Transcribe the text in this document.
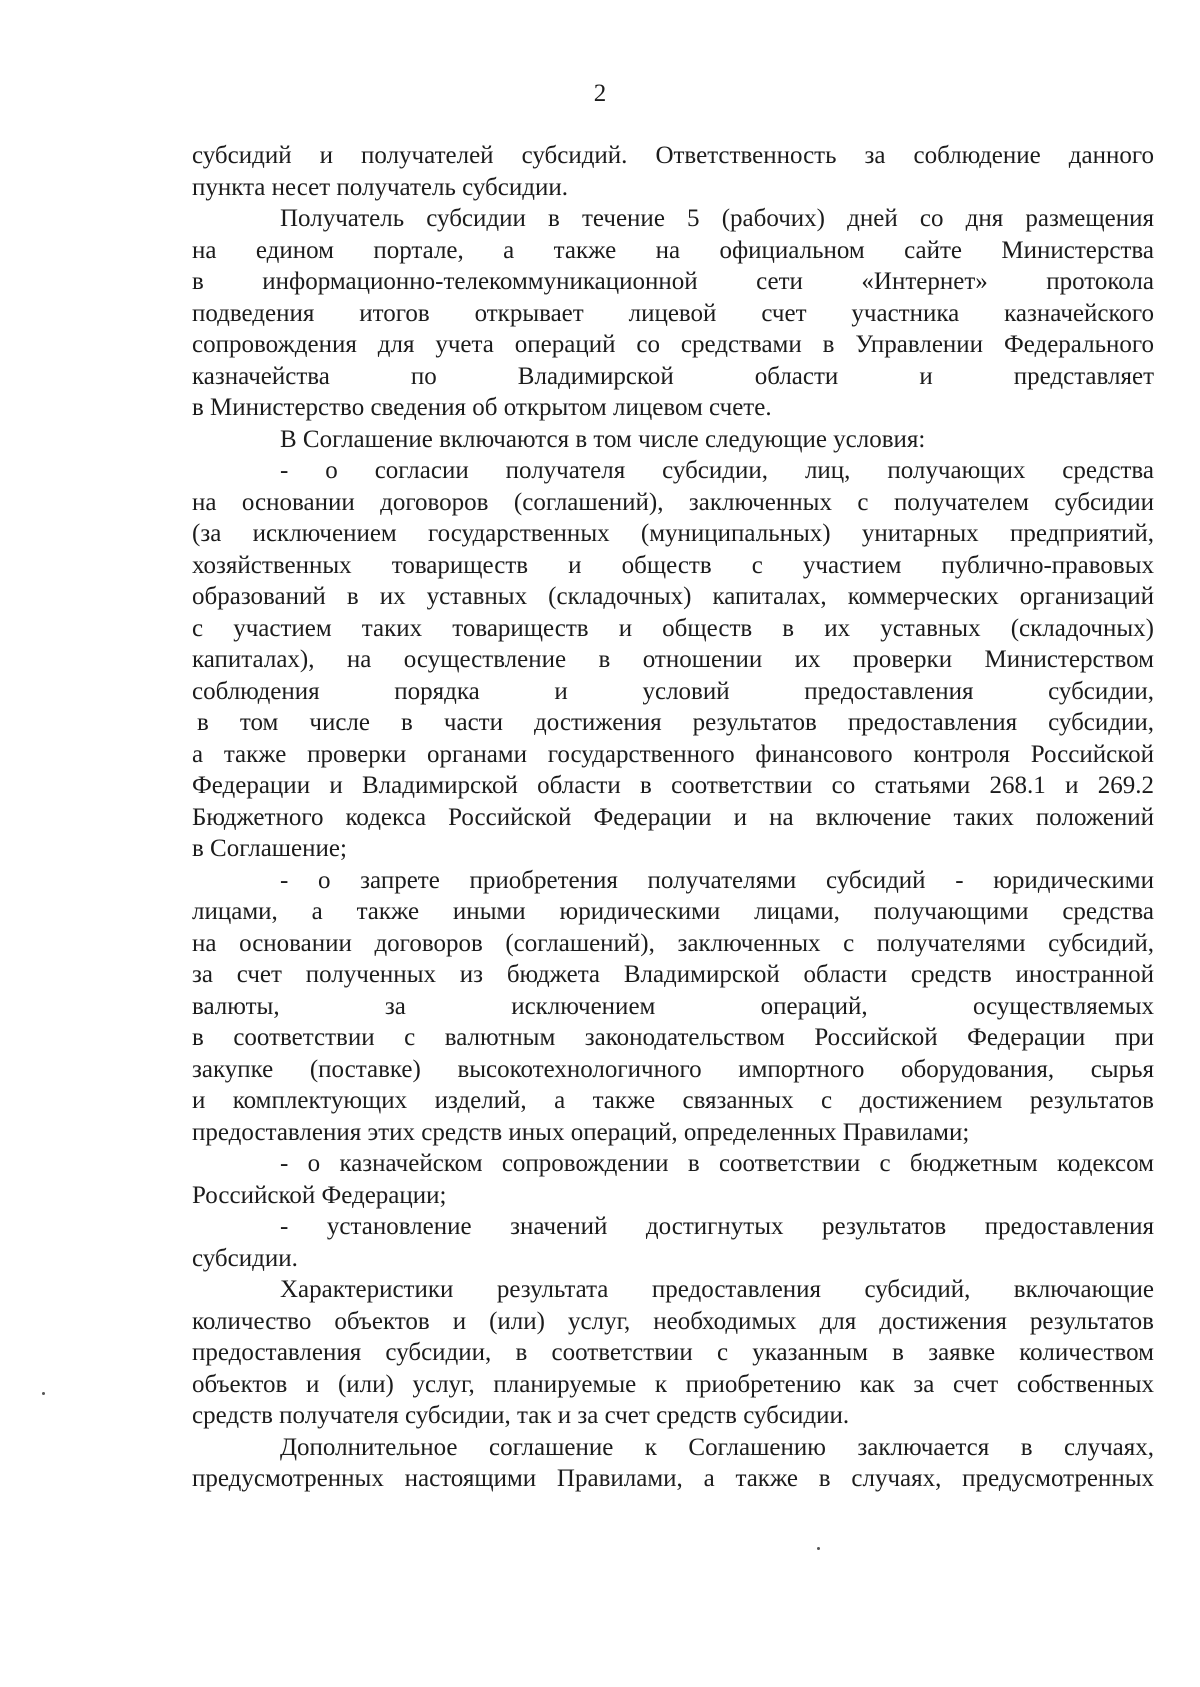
2
субсидий и получателей субсидий. Ответственность за соблюдение данного
пункта несет получатель субсидии.
Получатель субсидии в течение 5 (рабочих) дней со дня размещения
на едином портале, а также на официальном сайте Министерства
в информационно-телекоммуникационной сети «Интернет» протокола
подведения итогов открывает лицевой счет участника казначейского
сопровождения для учета операций со средствами в Управлении Федерального
казначейства по Владимирской области и представляет
в Министерство сведения об открытом лицевом счете.
В Соглашение включаются в том числе следующие условия:
- о согласии получателя субсидии, лиц, получающих средства
на основании договоров (соглашений), заключенных с получателем субсидии
(за исключением государственных (муниципальных) унитарных предприятий,
хозяйственных товариществ и обществ с участием публично-правовых
образований в их уставных (складочных) капиталах, коммерческих организаций
с участием таких товариществ и обществ в их уставных (складочных)
капиталах), на осуществление в отношении их проверки Министерством
соблюдения порядка и условий предоставления субсидии,
в том числе в части достижения результатов предоставления субсидии,
а также проверки органами государственного финансового контроля Российской
Федерации и Владимирской области в соответствии со статьями 268.1 и 269.2
Бюджетного кодекса Российской Федерации и на включение таких положений
в Соглашение;
- о запрете приобретения получателями субсидий - юридическими
лицами, а также иными юридическими лицами, получающими средства
на основании договоров (соглашений), заключенных с получателями субсидий,
за счет полученных из бюджета Владимирской области средств иностранной
валюты, за исключением операций, осуществляемых
в соответствии с валютным законодательством Российской Федерации при
закупке (поставке) высокотехнологичного импортного оборудования, сырья
и комплектующих изделий, а также связанных с достижением результатов
предоставления этих средств иных операций, определенных Правилами;
- о казначейском сопровождении в соответствии с бюджетным кодексом
Российской Федерации;
- установление значений достигнутых результатов предоставления
субсидии.
Характеристики результата предоставления субсидий, включающие
количество объектов и (или) услуг, необходимых для достижения результатов
предоставления субсидии, в соответствии с указанным в заявке количеством
объектов и (или) услуг, планируемые к приобретению как за счет собственных
средств получателя субсидии, так и за счет средств субсидии.
Дополнительное соглашение к Соглашению заключается в случаях,
предусмотренных настоящими Правилами, а также в случаях, предусмотренных
